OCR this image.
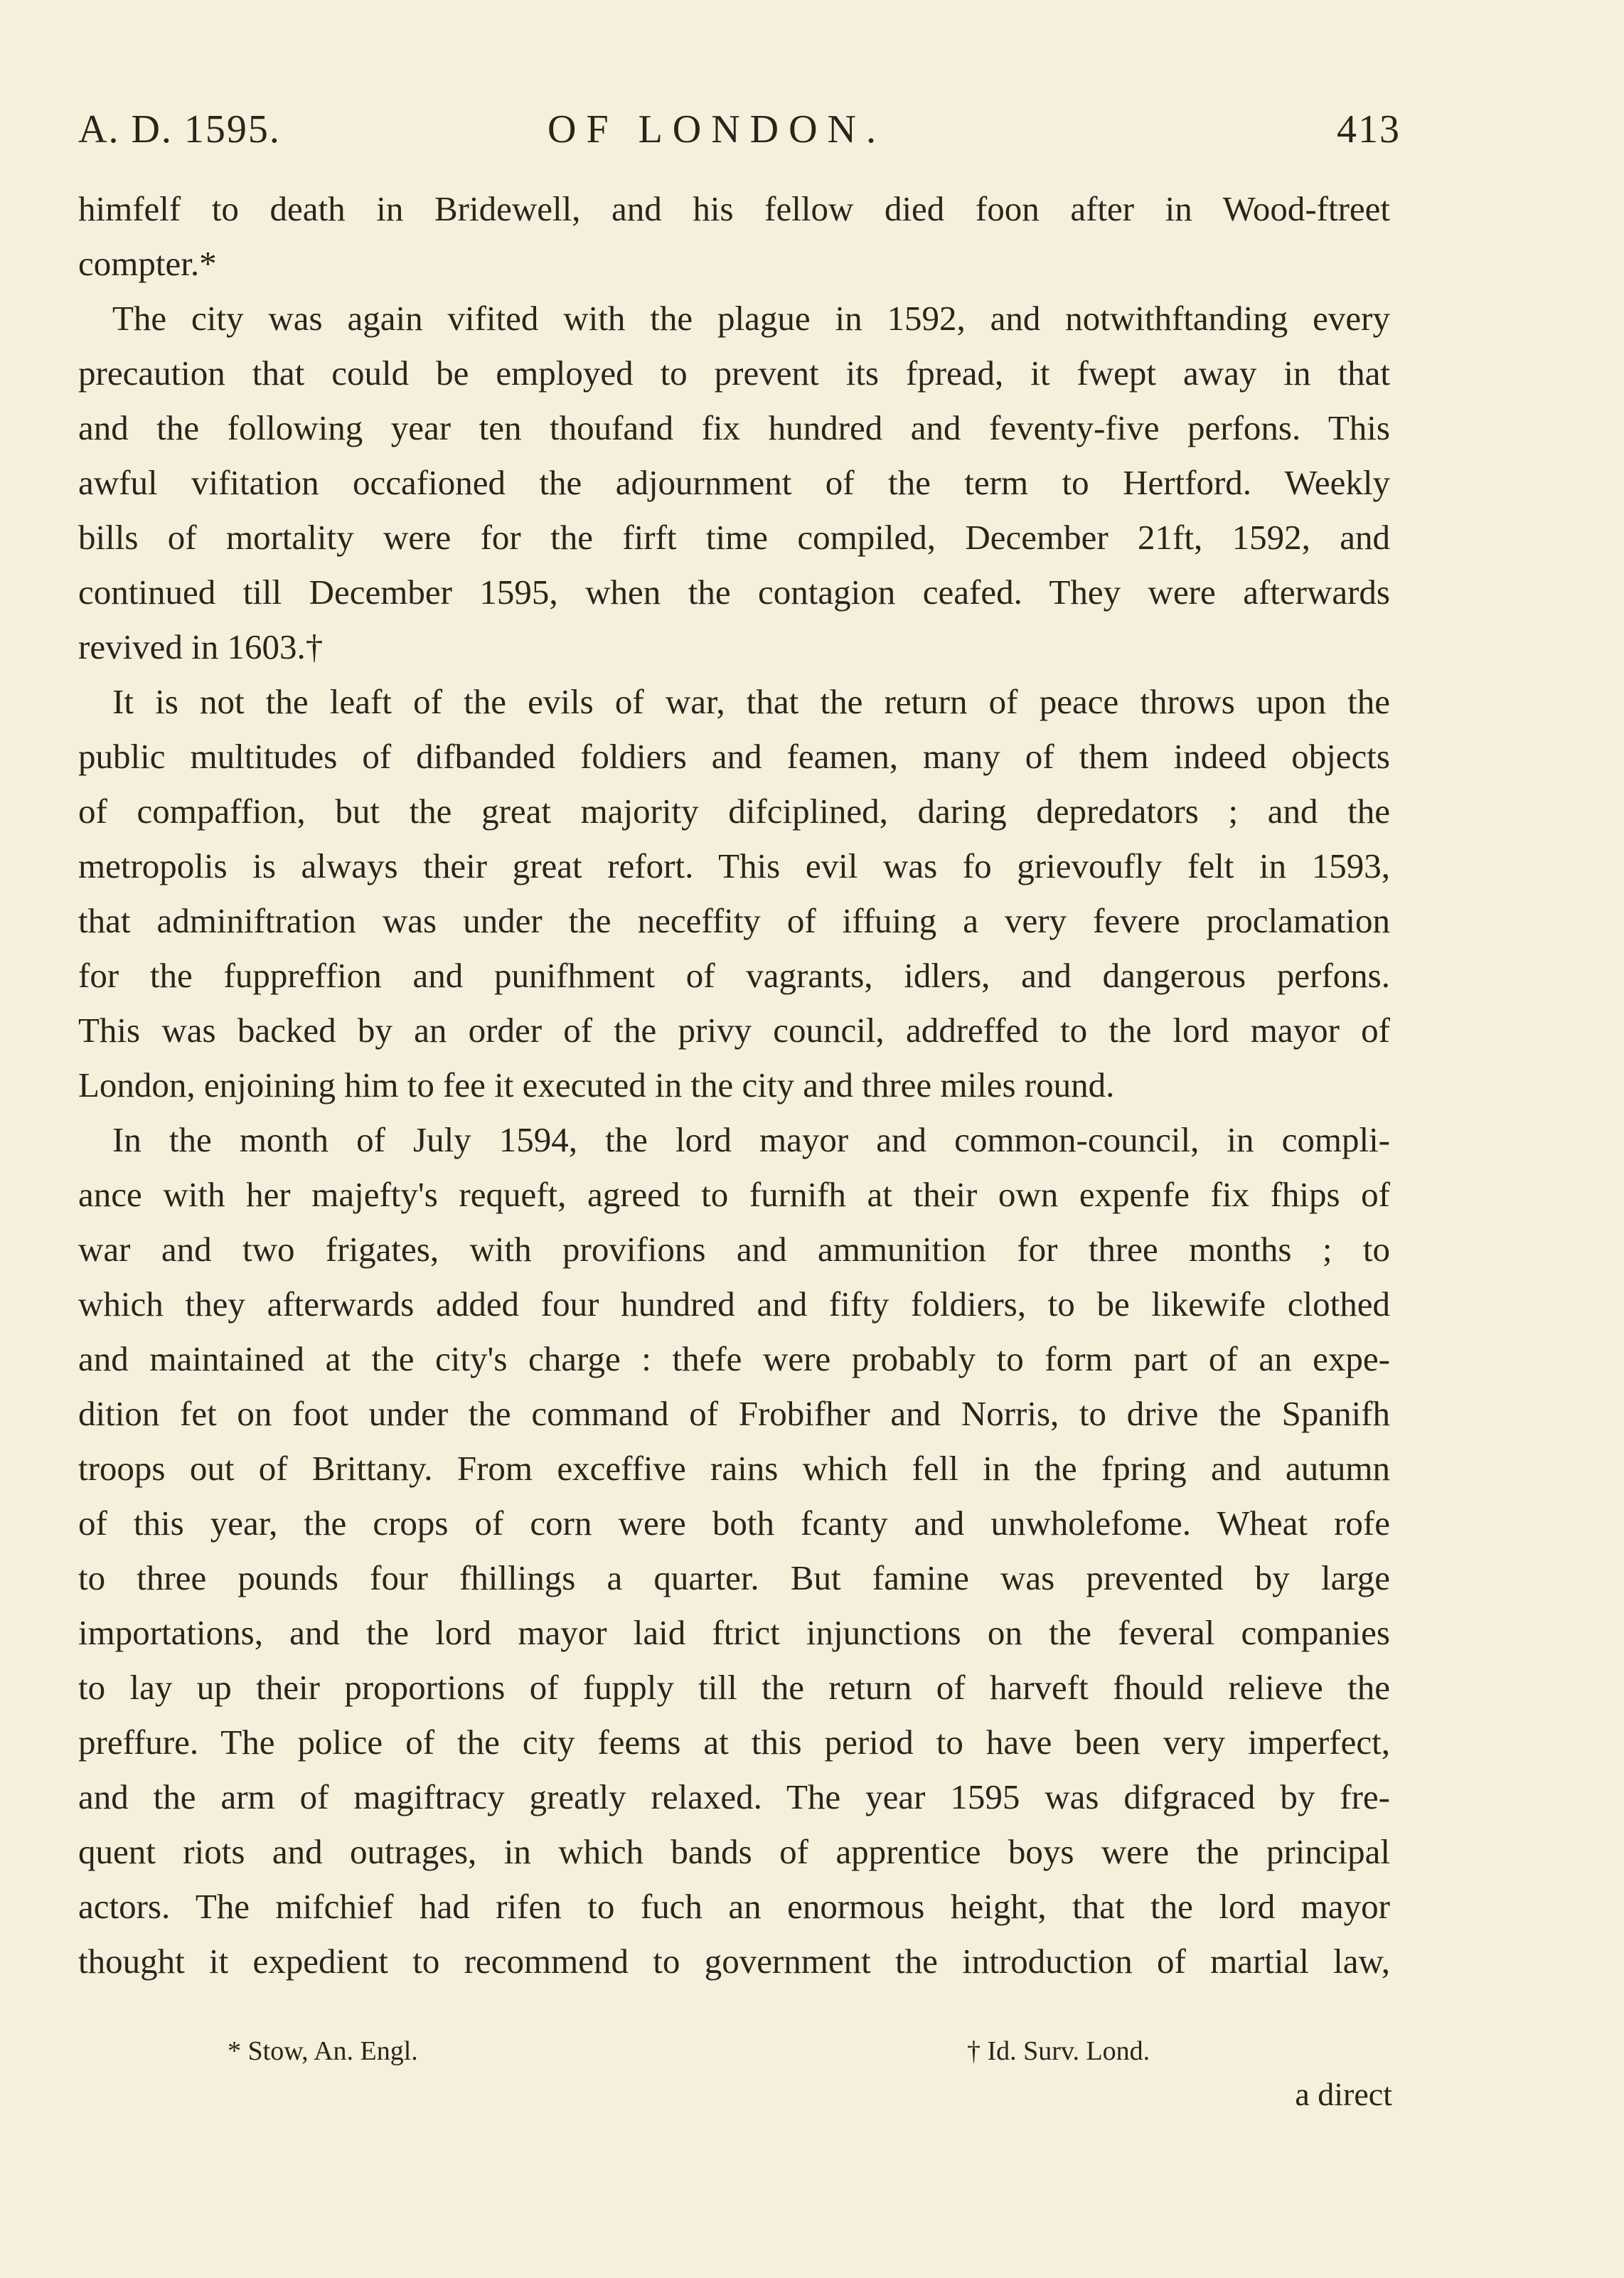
A. D. 1595.	OF LONDON.	413
himfelf to death in Bridewell, and his fellow died foon after in Wood-ftreet
compter.*
The city was again vifited with the plague in 1592, and notwithftanding every
precaution that could be employed to prevent its fpread, it fwept away in that
and the following year ten thoufand fix hundred and feventy-five perfons. This
awful vifitation occafioned the adjournment of the term to Hertford. Weekly
bills of mortality were for the firft time compiled, December 21ft, 1592, and
continued till December 1595, when the contagion ceafed. They were afterwards
revived in 1603.†
It is not the leaft of the evils of war, that the return of peace throws upon the
public multitudes of difbanded foldiers and feamen, many of them indeed objects
of compaffion, but the great majority difciplined, daring depredators ; and the
metropolis is always their great refort. This evil was fo grievoufly felt in 1593,
that adminiftration was under the neceffity of iffuing a very fevere proclamation
for the fuppreffion and punifhment of vagrants, idlers, and dangerous perfons.
This was backed by an order of the privy council, addreffed to the lord mayor of
London, enjoining him to fee it executed in the city and three miles round.
In the month of July 1594, the lord mayor and common-council, in compli-
ance with her majefty's requeft, agreed to furnifh at their own expenfe fix fhips of
war and two frigates, with provifions and ammunition for three months ; to
which they afterwards added four hundred and fifty foldiers, to be likewife clothed
and maintained at the city's charge : thefe were probably to form part of an expe-
dition fet on foot under the command of Frobifher and Norris, to drive the Spanifh
troops out of Brittany. From exceffive rains which fell in the fpring and autumn
of this year, the crops of corn were both fcanty and unwholefome. Wheat rofe
to three pounds four fhillings a quarter. But famine was prevented by large
importations, and the lord mayor laid ftrict injunctions on the feveral companies
to lay up their proportions of fupply till the return of harveft fhould relieve the
preffure. The police of the city feems at this period to have been very imperfect,
and the arm of magiftracy greatly relaxed. The year 1595 was difgraced by fre-
quent riots and outrages, in which bands of apprentice boys were the principal
actors. The mifchief had rifen to fuch an enormous height, that the lord mayor
thought it expedient to recommend to government the introduction of martial law,
* Stow, An. Engl.	† Id. Surv. Lond.
a direct
